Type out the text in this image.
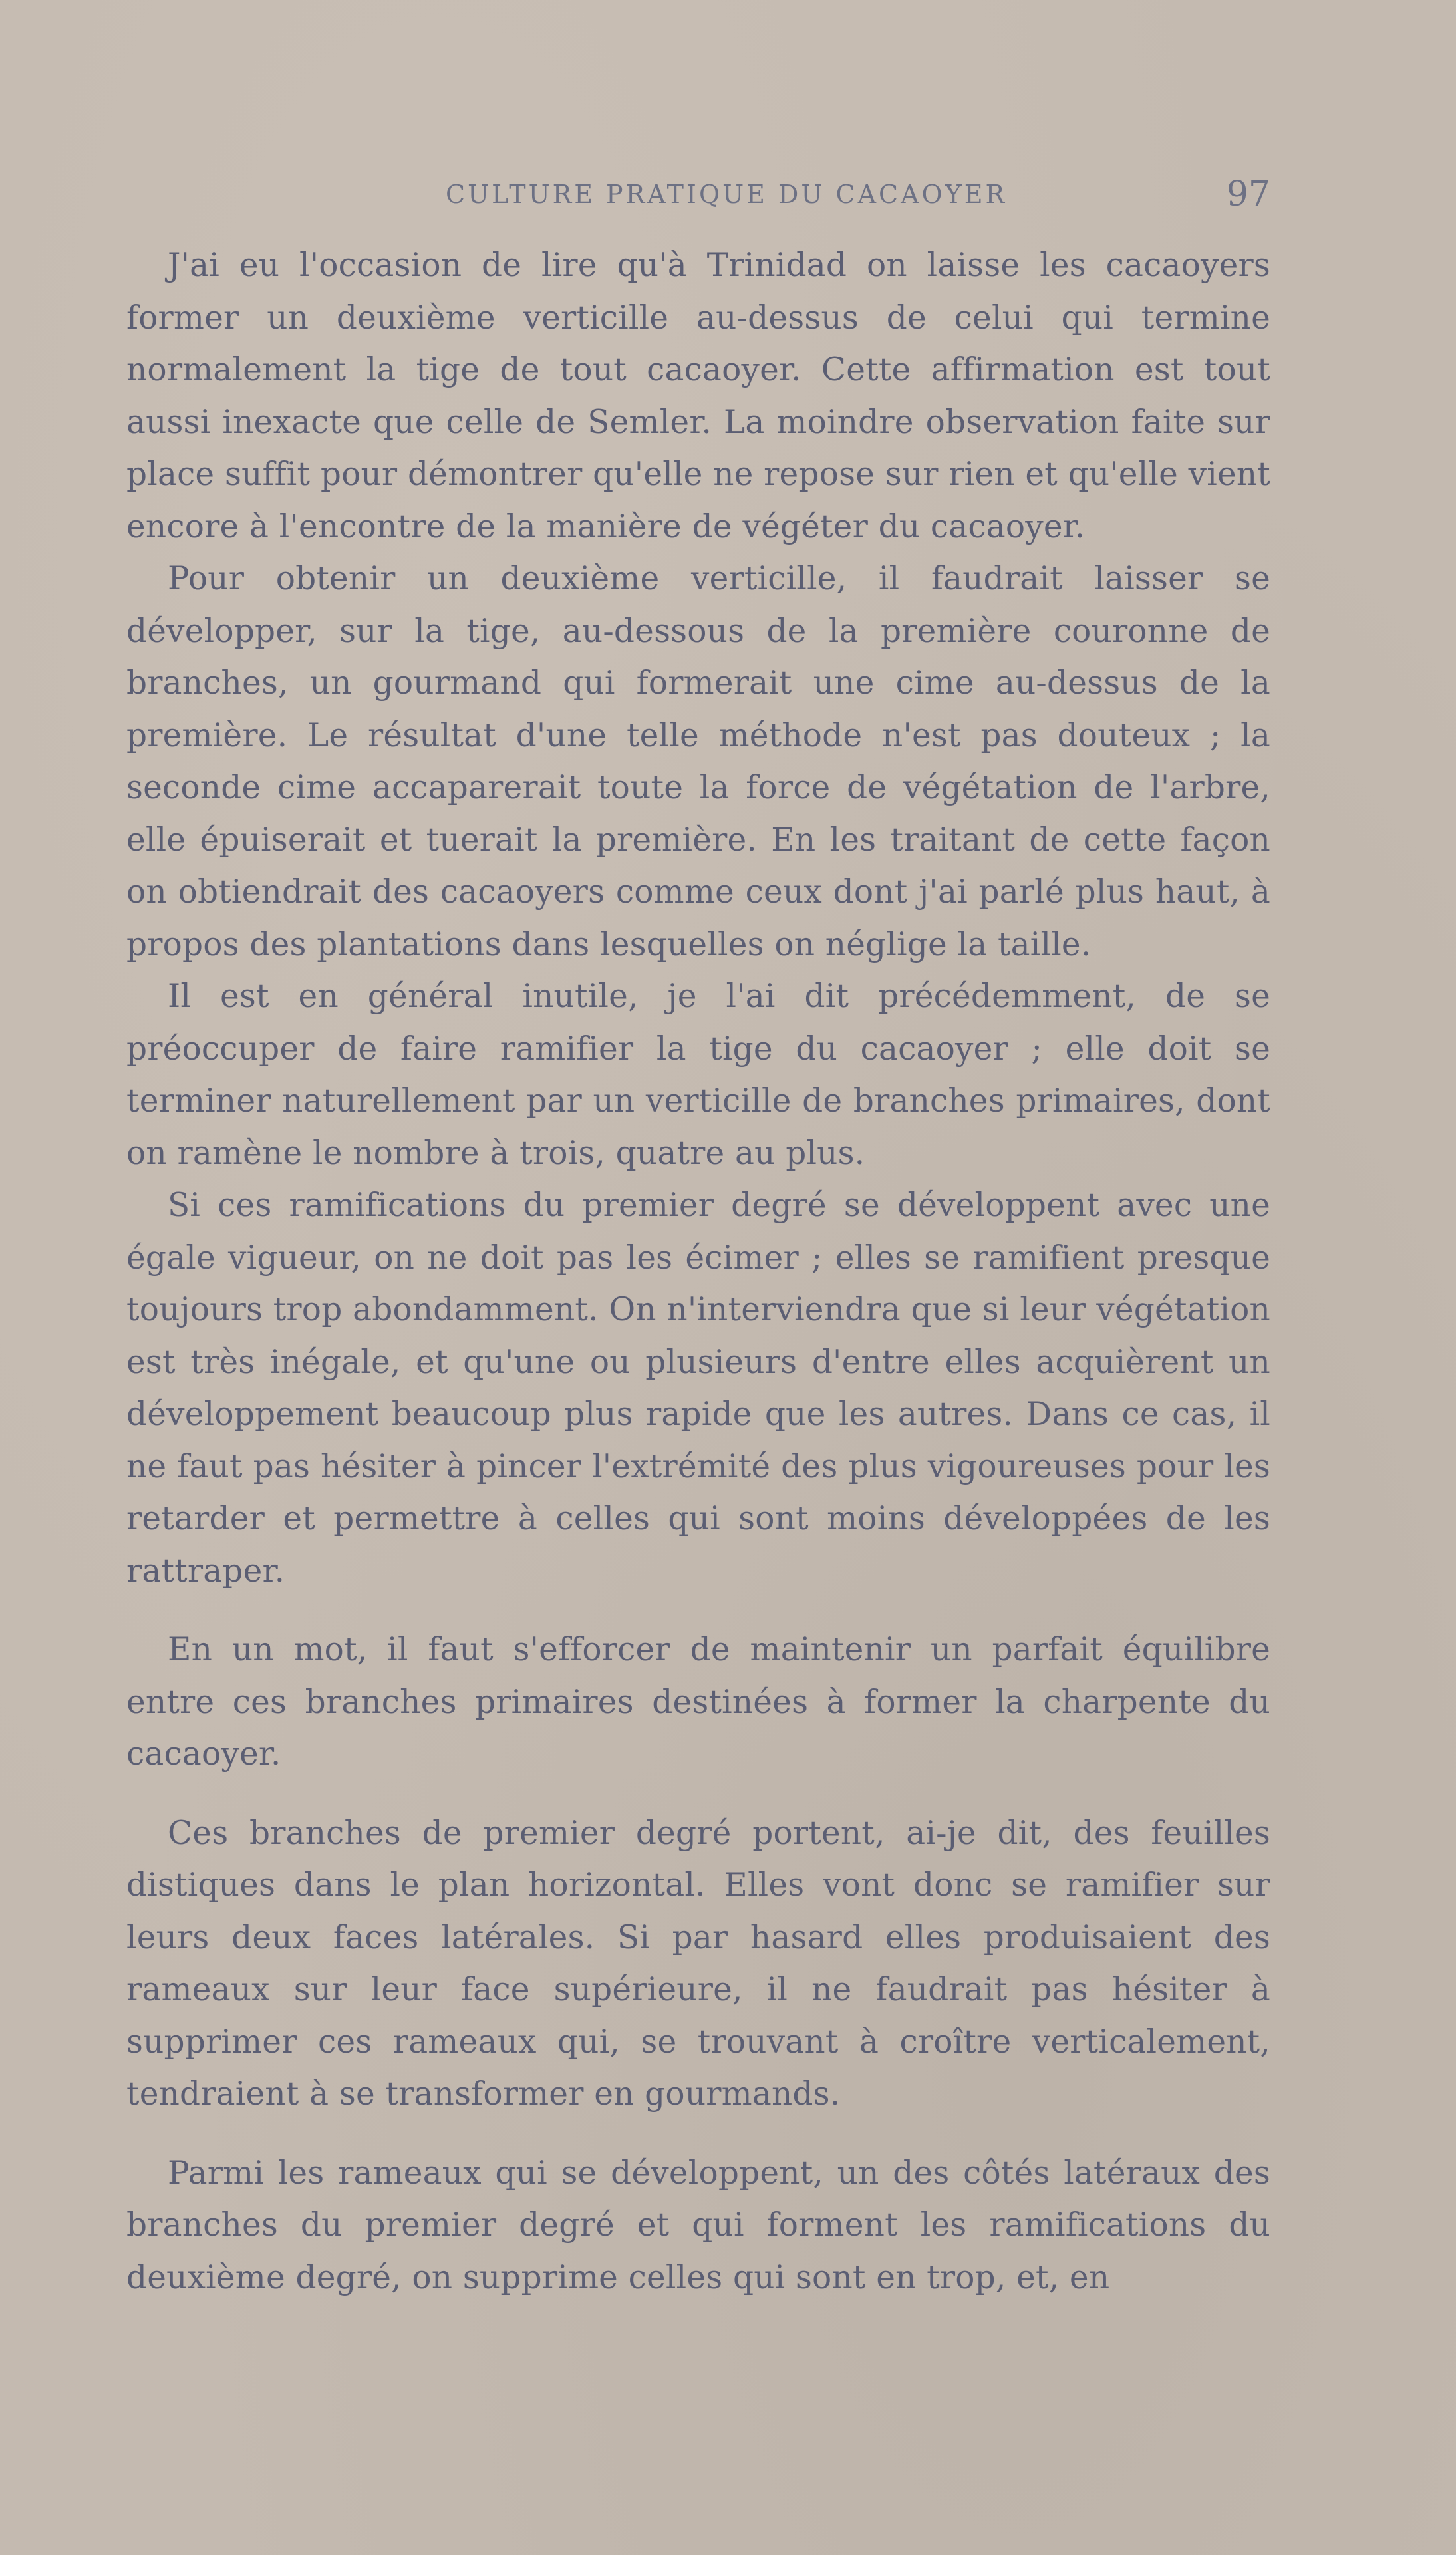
CULTURE PRATIQUE DU CACAOYER	97

J'ai eu l'occasion de lire qu'à Trinidad on laisse les cacaoyers former un deuxième verticille au-dessus de celui qui termine normalement la tige de tout cacaoyer. Cette affirmation est tout aussi inexacte que celle de Semler. La moindre observation faite sur place suffit pour démontrer qu'elle ne repose sur rien et qu'elle vient encore à l'encontre de la manière de végéter du cacaoyer.

Pour obtenir un deuxième verticille, il faudrait laisser se développer, sur la tige, au-dessous de la première couronne de branches, un gourmand qui formerait une cime au-dessus de la première. Le résultat d'une telle méthode n'est pas douteux ; la seconde cime accaparerait toute la force de végétation de l'arbre, elle épuiserait et tuerait la première. En les traitant de cette façon on obtiendrait des cacaoyers comme ceux dont j'ai parlé plus haut, à propos des plantations dans lesquelles on néglige la taille.

Il est en général inutile, je l'ai dit précédemment, de se préoccuper de faire ramifier la tige du cacaoyer ; elle doit se terminer naturellement par un verticille de branches primaires, dont on ramène le nombre à trois, quatre au plus.

Si ces ramifications du premier degré se développent avec une égale vigueur, on ne doit pas les écimer ; elles se ramifient presque toujours trop abondamment. On n'interviendra que si leur végétation est très inégale, et qu'une ou plusieurs d'entre elles acquièrent un développement beaucoup plus rapide que les autres. Dans ce cas, il ne faut pas hésiter à pincer l'extrémité des plus vigoureuses pour les retarder et permettre à celles qui sont moins développées de les rattraper.

En un mot, il faut s'efforcer de maintenir un parfait équilibre entre ces branches primaires destinées à former la charpente du cacaoyer.

Ces branches de premier degré portent, ai-je dit, des feuilles distiques dans le plan horizontal. Elles vont donc se ramifier sur leurs deux faces latérales. Si par hasard elles produisaient des rameaux sur leur face supérieure, il ne faudrait pas hésiter à supprimer ces rameaux qui, se trouvant à croître verticalement, tendraient à se transformer en gourmands.

Parmi les rameaux qui se développent, un des côtés latéraux des branches du premier degré et qui forment les ramifications du deuxième degré, on supprime celles qui sont en trop, et, en
